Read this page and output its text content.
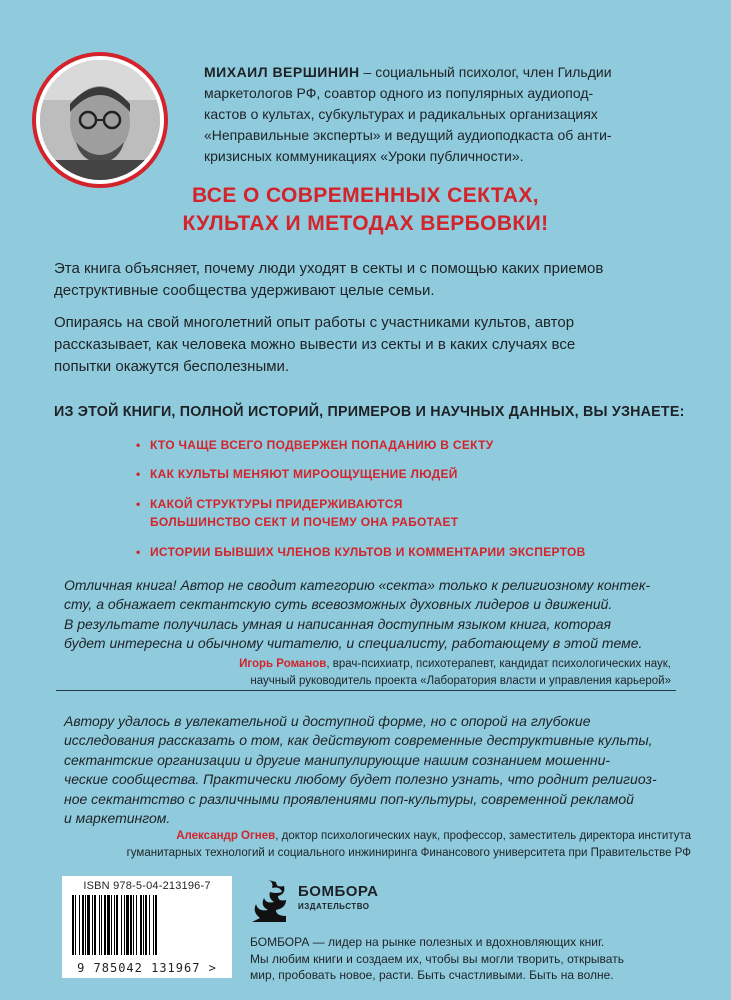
МИХАИЛ ВЕРШИНИН – социальный психолог, член Гильдии
маркетологов РФ, соавтор одного из популярных аудиопод-
кастов о культах, субкультурах и радикальных организациях
«Неправильные эксперты» и ведущий аудиоподкаста об анти-
кризисных коммуникациях «Уроки публичности».
ВСЕ О СОВРЕМЕННЫХ СЕКТАХ,
КУЛЬТАХ И МЕТОДАХ ВЕРБОВКИ!
Эта книга объясняет, почему люди уходят в секты и с помощью каких приемов
деструктивные сообщества удерживают целые семьи.
Опираясь на свой многолетний опыт работы с участниками культов, автор
рассказывает, как человека можно вывести из секты и в каких случаях все
попытки окажутся бесполезными.
ИЗ ЭТОЙ КНИГИ, ПОЛНОЙ ИСТОРИЙ, ПРИМЕРОВ И НАУЧНЫХ ДАННЫХ, ВЫ УЗНАЕТЕ:
• КТО ЧАЩЕ ВСЕГО ПОДВЕРЖЕН ПОПАДАНИЮ В СЕКТУ
• КАК КУЛЬТЫ МЕНЯЮТ МИРООЩУЩЕНИЕ ЛЮДЕЙ
• КАКОЙ СТРУКТУРЫ ПРИДЕРЖИВАЮТСЯ
БОЛЬШИНСТВО СЕКТ И ПОЧЕМУ ОНА РАБОТАЕТ
• ИСТОРИИ БЫВШИХ ЧЛЕНОВ КУЛЬТОВ И КОММЕНТАРИИ ЭКСПЕРТОВ
Отличная книга! Автор не сводит категорию «секта» только к религиозному контек-
сту, а обнажает сектантскую суть всевозможных духовных лидеров и движений.
В результате получилась умная и написанная доступным языком книга, которая
будет интересна и обычному читателю, и специалисту, работающему в этой теме.
Игорь Романов, врач-психиатр, психотерапевт, кандидат психологических наук,
научный руководитель проекта «Лаборатория власти и управления карьерой»
Автору удалось в увлекательной и доступной форме, но с опорой на глубокие
исследования рассказать о том, как действуют современные деструктивные культы,
сектантские организации и другие манипулирующие нашим сознанием мошенни-
ческие сообщества. Практически любому будет полезно узнать, что роднит религиоз-
ное сектантство с различными проявлениями поп-культуры, современной рекламой
и маркетингом.
Александр Огнев, доктор психологических наук, профессор, заместитель директора института
гуманитарных технологий и социального инжиниринга Финансового университета при Правительстве РФ
ISBN 978-5-04-213196-7
9 785042 131967 >
БОМБОРА
ИЗДАТЕЛЬСТВО
БОМБОРА — лидер на рынке полезных и вдохновляющих книг.
Мы любим книги и создаем их, чтобы вы могли творить, открывать
мир, пробовать новое, расти. Быть счастливыми. Быть на волне.
